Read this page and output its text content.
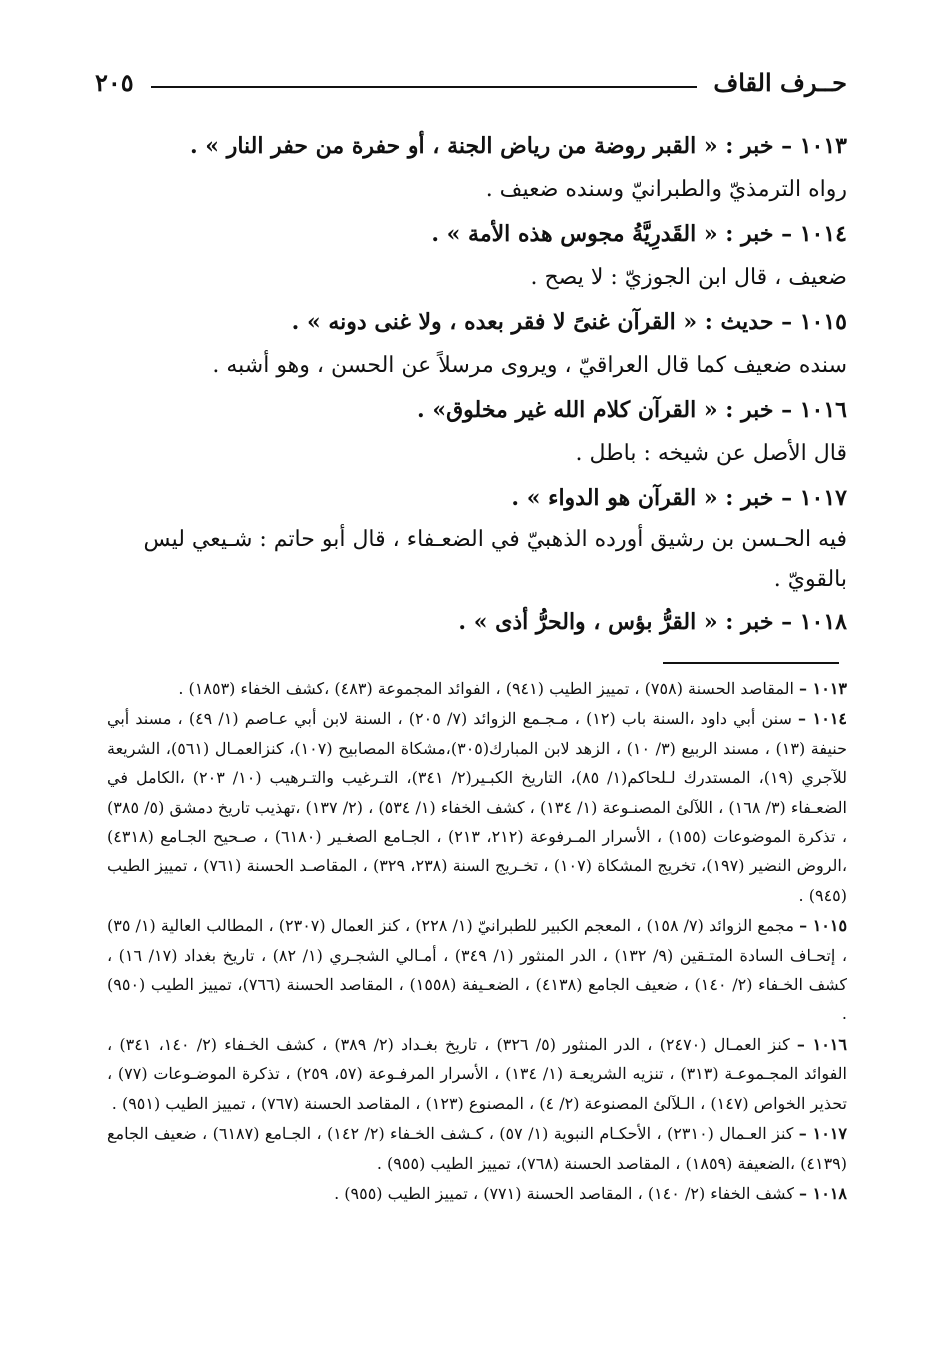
حــرف القاف
٢٠٥
١٠١٣ – خبر : « القبر روضة من رياض الجنة ، أو حفرة من حفر النار » .
رواه الترمذيّ والطبرانيّ وسنده ضعيف .
١٠١٤ – خبر : « القَدرِيَّةُ مجوس هذه الأمة » .
ضعيف ، قال ابن الجوزيّ : لا يصح .
١٠١٥ – حديث : « القرآن غنىً لا فقر بعده ، ولا غنى دونه » .
سنده ضعيف كما قال العراقيّ ، ويروى مرسلاً عن الحسن ، وهو أشبه .
١٠١٦ – خبر : « القرآن كلام الله غير مخلوق» .
قال الأصل عن شيخه : باطل .
١٠١٧ – خبر : « القرآن هو الدواء » .
فيه الحـسن بن رشيق أورده الذهبيّ في الضعـفاء ، قال أبو حاتم : شـيعي ليس بالقويّ .
١٠١٨ – خبر : « القرُّ بؤس ، والحرُّ أذى » .
١٠١٣ – المقاصد الحسنة (٧٥٨) ، تمييز الطيب (٩٤١) ، الفوائد المجموعة (٤٨٣) ،كشف الخفاء (١٨٥٣) .
١٠١٤ – سنن أبي داود ،السنة باب (١٢) ، مـجـمع الزوائد (٧/ ٢٠٥) ، السنة لابن أبي عـاصم (١/ ٤٩) ، مسند أبي حنيفة (١٣) ، مسند الربيع (٣/ ١٠) ، الزهد لابن المبارك(٣٠٥)،مشكاة المصابيح (١٠٧)، كنزالعمـال (٥٦١)، الشريعة للآجري (١٩)، المستدرك لـلحاكم(١/ ٨٥)، التاريخ الكبـير(٢/ ٣٤١)، التـرغيب والتـرهيب (١٠/ ٢٠٣) ،الكامل في الضعـفاء (٣/ ١٦٨) ، اللآلئ المصنـوعة (١/ ١٣٤) ، كشف الخفاء (١/ ٥٣٤) ، (٢/ ١٣٧) ،تهذيب تاريخ دمشق (٥/ ٣٨٥) ، تذكرة الموضوعات (١٥٥) ، الأسرار المـرفوعة (٢١٢، ٢١٣) ، الجـامع الصغـير (٦١٨٠) ، صـحيح الجـامع (٤٣١٨) ،الروض النضير (١٩٧)، تخريج المشكاة (١٠٧) ، تخـريج السنة (٢٣٨، ٣٢٩) ، المقاصـد الحسنة (٧٦١) ، تمييز الطيب (٩٤٥) .
١٠١٥ – مجمع الزوائد (٧/ ١٥٨) ، المعجم الكبير للطبرانيّ (١/ ٢٢٨) ، كنز العمال (٢٣٠٧) ، المطالب العالية (١/ ٣٥) ، إتحـاف السادة المتـقين (٩/ ١٣٢) ، الدر المنثور (١/ ٣٤٩) ، أمـالي الشجـري (١/ ٨٢) ، تاريخ بغداد (١٧/ ١٦) ، كشف الخـفاء (٢/ ١٤٠) ، ضعيف الجامع (٤١٣٨) ، الضعـيفة (١٥٥٨) ، المقاصد الحسنة (٧٦٦)، تمييز الطيب (٩٥٠) .
١٠١٦ – كنز العمـال (٢٤٧٠) ، الدر المنثور (٥/ ٣٢٦) ، تاريخ بغـداد (٢/ ٣٨٩) ، كشف الخـفاء (٢/ ١٤٠، ٣٤١) ، الفوائد المجـموعـة (٣١٣) ، تنزيه الشريعـة (١/ ١٣٤) ، الأسرار المرفـوعة (٥٧، ٢٥٩) ، تذكرة الموضـوعات (٧٧) ، تحذير الخواص (١٤٧) ، الـلآلئ المصنوعة (٢/ ٤) ، المصنوع (١٢٣) ، المقاصد الحسنة (٧٦٧) ، تمييز الطيب (٩٥١) .
١٠١٧ – كنز العـمال (٢٣١٠) ، الأحكـام النبوية (١/ ٥٧) ، كـشف الخـفاء (٢/ ١٤٢) ، الجـامع (٦١٨٧) ، ضعيف الجامع (٤١٣٩) ،الضعيفة (١٨٥٩) ، المقاصد الحسنة (٧٦٨)، تمييز الطيب (٩٥٥) .
١٠١٨ – كشف الخفاء (٢/ ١٤٠) ، المقاصد الحسنة (٧٧١) ، تمييز الطيب (٩٥٥) .
